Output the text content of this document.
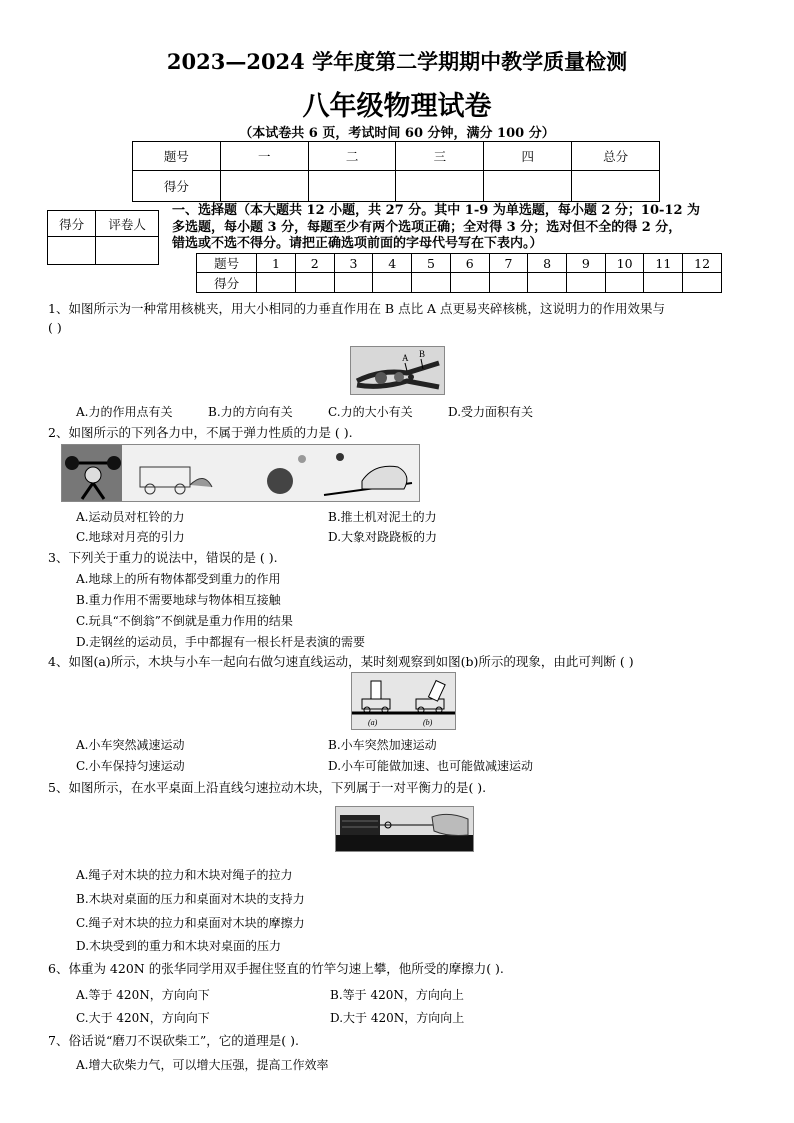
2023—2024 学年度第二学期期中教学质量检测
八年级物理试卷
（本试卷共 6 页，考试时间 60 分钟，满分 100 分）
题号	一	二	三	四	总分
得分					
得分	评卷人

一、选择题（本大题共 12 小题，共 27 分。其中 1-9 为单选题，每小题 2 分；10-12 为
多选题，每小题 3 分，每题至少有两个选项正确；全对得 3 分；选对但不全的得 2 分，
错选或不选不得分。请把正确选项前面的字母代号写在下表内。）
题号	1	2	3	4	5	6	7	8	9	10	11	12
得分												
1、如图所示为一种常用核桃夹，用大小相同的力垂直作用在 B 点比 A 点更易夹碎核桃，这说明力的作用效果与
( )
A B
A.力的作用点有关	B.力的方向有关	C.力的大小有关	D.受力面积有关
2、如图所示的下列各力中，不属于弹力性质的力是 ( ).
A.运动员对杠铃的力	B.推土机对泥土的力
C.地球对月亮的引力	D.大象对跷跷板的力
3、下列关于重力的说法中，错误的是 ( ).
A.地球上的所有物体都受到重力的作用
B.重力作用不需要地球与物体相互接触
C.玩具“不倒翁”不倒就是重力作用的结果
D.走钢丝的运动员，手中都握有一根长杆是表演的需要
4、如图(a)所示，木块与小车一起向右做匀速直线运动，某时刻观察到如图(b)所示的现象，由此可判断 ( )
(a)	(b)
A.小车突然减速运动	B.小车突然加速运动
C.小车保持匀速运动	D.小车可能做加速、也可能做减速运动
5、如图所示，在水平桌面上沿直线匀速拉动木块，下列属于一对平衡力的是( ).
A.绳子对木块的拉力和木块对绳子的拉力
B.木块对桌面的压力和桌面对木块的支持力
C.绳子对木块的拉力和桌面对木块的摩擦力
D.木块受到的重力和木块对桌面的压力
6、体重为 420N 的张华同学用双手握住竖直的竹竿匀速上攀，他所受的摩擦力( ).
A.等于 420N，方向向下	B.等于 420N，方向向上
C.大于 420N，方向向下	D.大于 420N，方向向上
7、俗话说“磨刀不误砍柴工”，它的道理是( ).
A.增大砍柴力气，可以增大压强，提高工作效率
